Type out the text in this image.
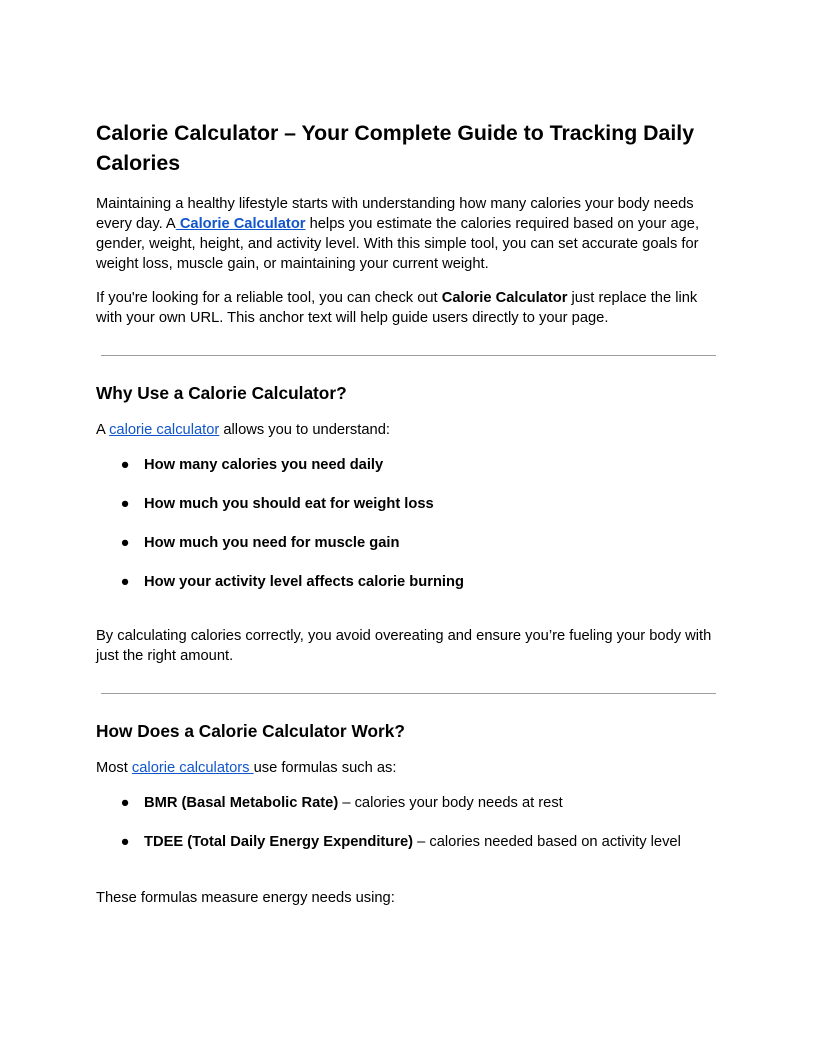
Calorie Calculator – Your Complete Guide to Tracking Daily Calories

Maintaining a healthy lifestyle starts with understanding how many calories your body needs every day. A Calorie Calculator helps you estimate the calories required based on your age, gender, weight, height, and activity level. With this simple tool, you can set accurate goals for weight loss, muscle gain, or maintaining your current weight.

If you're looking for a reliable tool, you can check out Calorie Calculator just replace the link with your own URL. This anchor text will help guide users directly to your page.

Why Use a Calorie Calculator?

A calorie calculator allows you to understand:

● How many calories you need daily
● How much you should eat for weight loss
● How much you need for muscle gain
● How your activity level affects calorie burning

By calculating calories correctly, you avoid overeating and ensure you’re fueling your body with just the right amount.

How Does a Calorie Calculator Work?

Most calorie calculators use formulas such as:

● BMR (Basal Metabolic Rate) – calories your body needs at rest
● TDEE (Total Daily Energy Expenditure) – calories needed based on activity level

These formulas measure energy needs using:
